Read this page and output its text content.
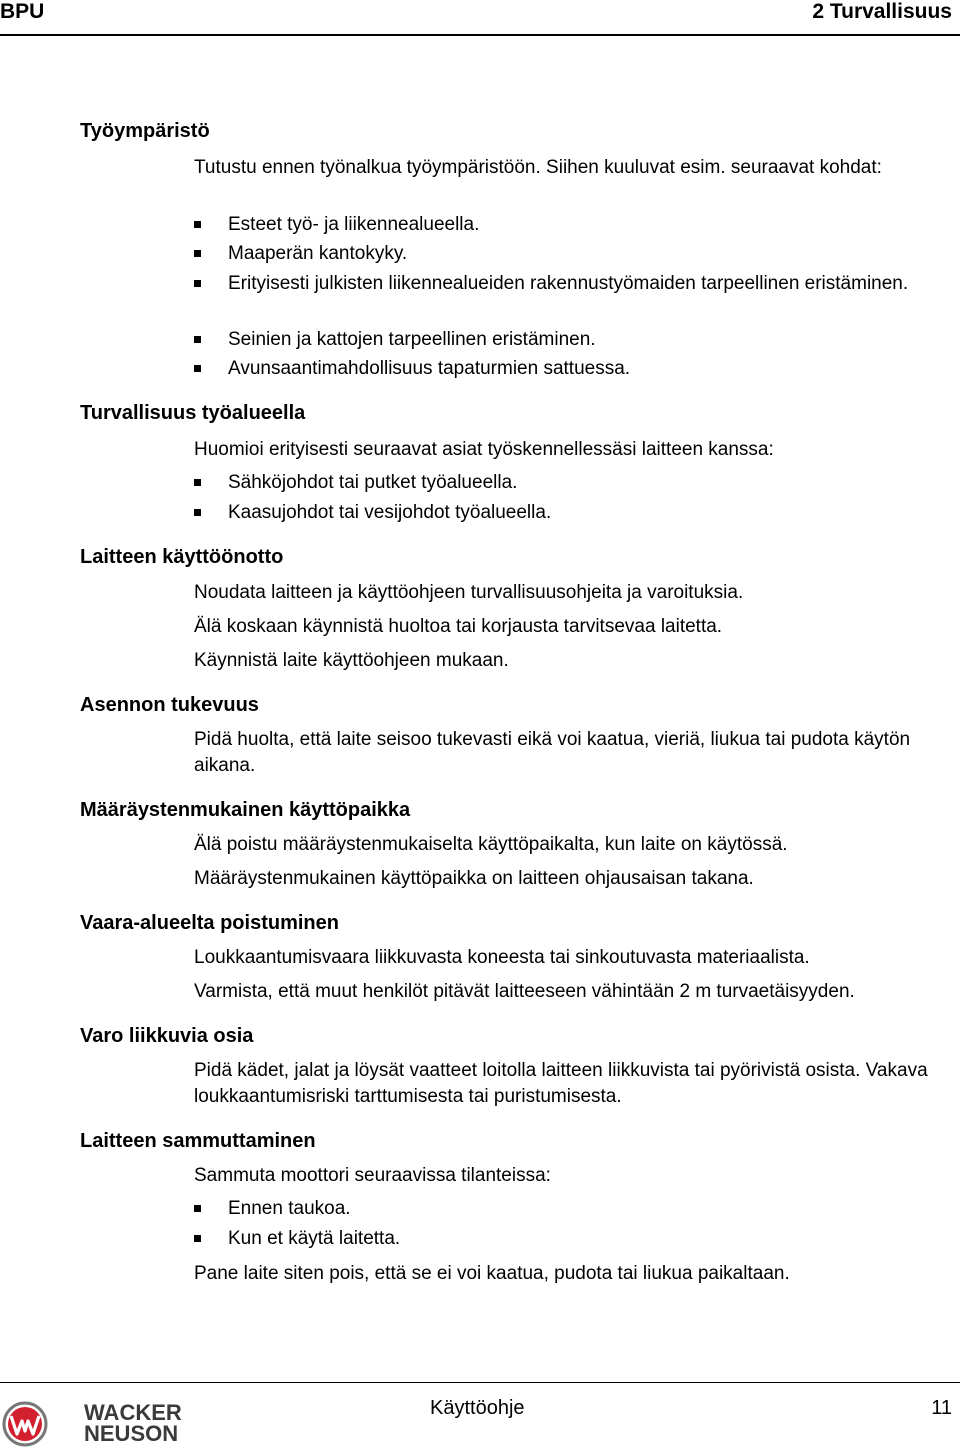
BPU	2 Turvallisuus
Työympäristö
Tutustu ennen työnalkua työympäristöön. Siihen kuuluvat esim. seuraavat kohdat:
Esteet työ- ja liikennealueella.
Maaperän kantokyky.
Erityisesti julkisten liikennealueiden rakennustyömaiden tarpeellinen eristäminen.
Seinien ja kattojen tarpeellinen eristäminen.
Avunsaantimahdollisuus tapaturmien sattuessa.
Turvallisuus työalueella
Huomioi erityisesti seuraavat asiat työskennellessäsi laitteen kanssa:
Sähköjohdot tai putket työalueella.
Kaasujohdot tai vesijohdot työalueella.
Laitteen käyttöönotto
Noudata laitteen ja käyttöohjeen turvallisuusohjeita ja varoituksia.
Älä koskaan käynnistä huoltoa tai korjausta tarvitsevaa laitetta.
Käynnistä laite käyttöohjeen mukaan.
Asennon tukevuus
Pidä huolta, että laite seisoo tukevasti eikä voi kaatua, vieriä, liukua tai pudota käytön aikana.
Määräystenmukainen käyttöpaikka
Älä poistu määräystenmukaiselta käyttöpaikalta, kun laite on käytössä.
Määräystenmukainen käyttöpaikka on laitteen ohjausaisan takana.
Vaara-alueelta poistuminen
Loukkaantumisvaara liikkuvasta koneesta tai sinkoutuvasta materiaalista.
Varmista, että muut henkilöt pitävät laitteeseen vähintään 2 m turvaetäisyyden.
Varo liikkuvia osia
Pidä kädet, jalat ja löysät vaatteet loitolla laitteen liikkuvista tai pyörivistä osista. Vakava loukkaantumisriski tarttumisesta tai puristumisesta.
Laitteen sammuttaminen
Sammuta moottori seuraavissa tilanteissa:
Ennen taukoa.
Kun et käytä laitetta.
Pane laite siten pois, että se ei voi kaatua, pudota tai liukua paikaltaan.
WACKER
NEUSON
Käyttöohje	11
